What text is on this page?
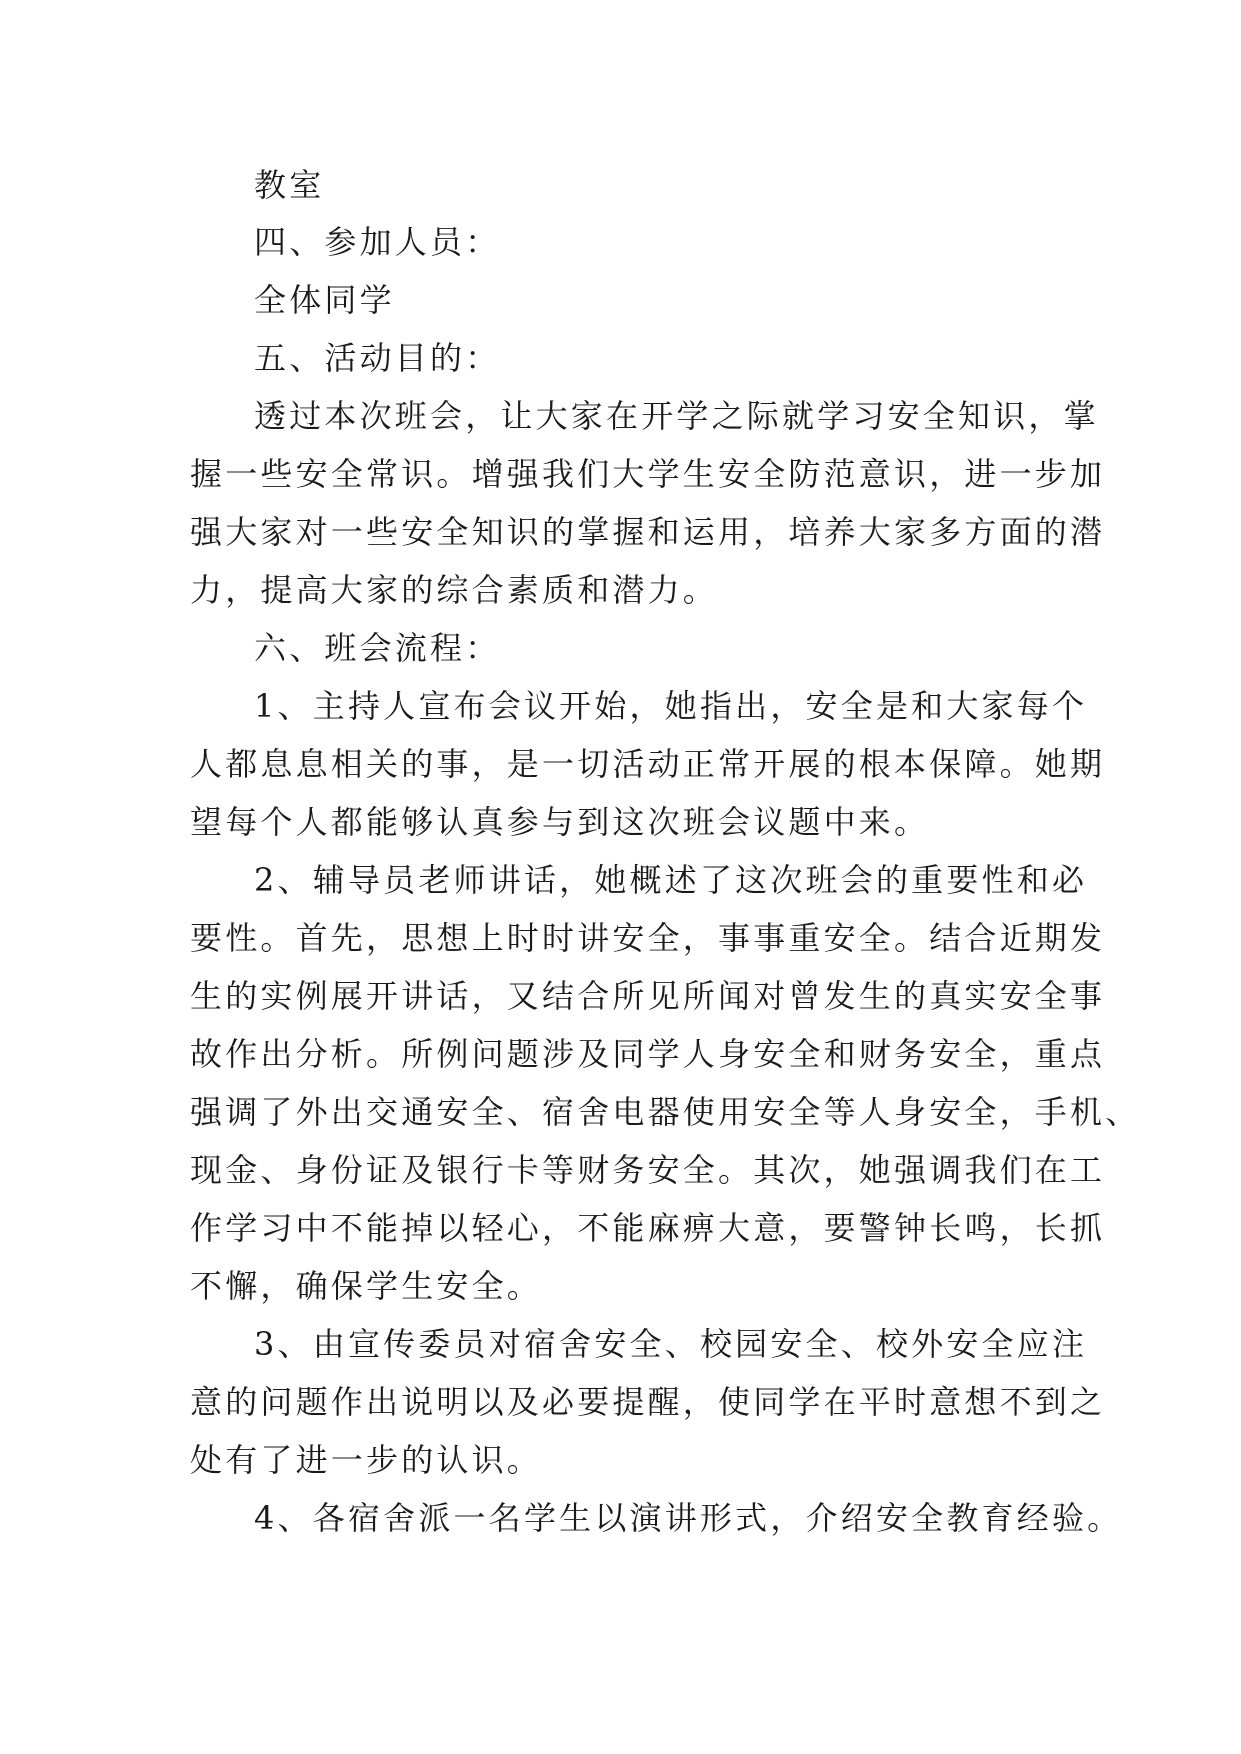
教室
四、参加人员：
全体同学
五、活动目的：
透过本次班会，让大家在开学之际就学习安全知识，掌
握一些安全常识。增强我们大学生安全防范意识，进一步加
强大家对一些安全知识的掌握和运用，培养大家多方面的潜
力，提高大家的综合素质和潜力。
六、班会流程：
1、主持人宣布会议开始，她指出，安全是和大家每个
人都息息相关的事，是一切活动正常开展的根本保障。她期
望每个人都能够认真参与到这次班会议题中来。
2、辅导员老师讲话，她概述了这次班会的重要性和必
要性。首先，思想上时时讲安全，事事重安全。结合近期发
生的实例展开讲话，又结合所见所闻对曾发生的真实安全事
故作出分析。所例问题涉及同学人身安全和财务安全，重点
强调了外出交通安全、宿舍电器使用安全等人身安全，手机、
现金、身份证及银行卡等财务安全。其次，她强调我们在工
作学习中不能掉以轻心，不能麻痹大意，要警钟长鸣，长抓
不懈，确保学生安全。
3、由宣传委员对宿舍安全、校园安全、校外安全应注
意的问题作出说明以及必要提醒，使同学在平时意想不到之
处有了进一步的认识。
4、各宿舍派一名学生以演讲形式，介绍安全教育经验。
